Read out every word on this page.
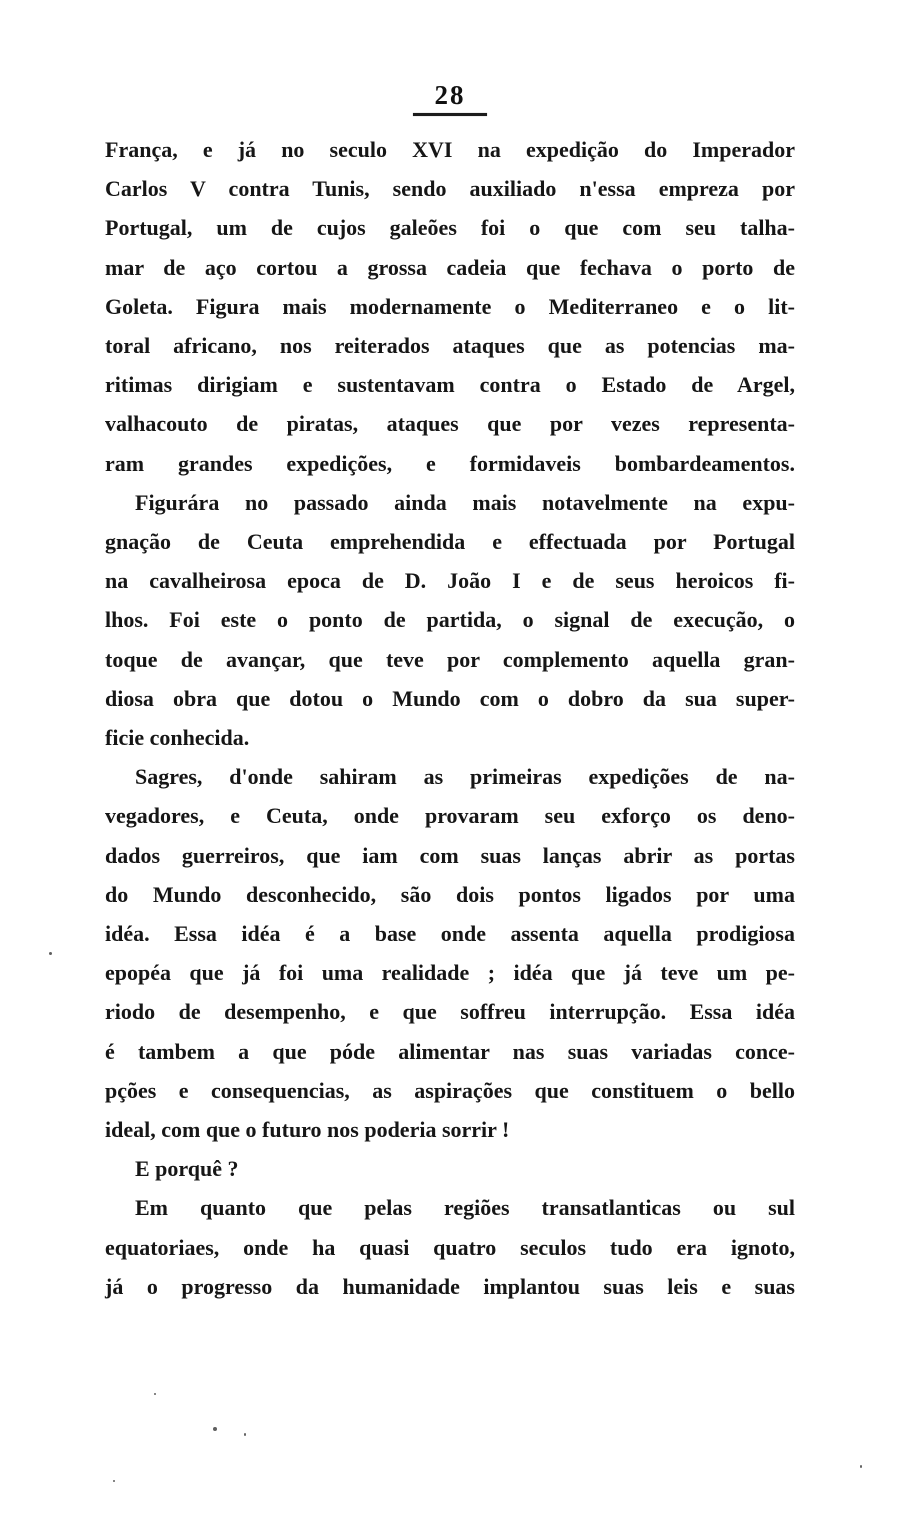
28
França, e já no seculo XVI na expedição do Imperador
Carlos V contra Tunis, sendo auxiliado n'essa empreza por
Portugal, um de cujos galeões foi o que com seu talha-
mar de aço cortou a grossa cadeia que fechava o porto de
Goleta. Figura mais modernamente o Mediterraneo e o lit-
toral africano, nos reiterados ataques que as potencias ma-
ritimas dirigiam e sustentavam contra o Estado de Argel,
valhacouto de piratas, ataques que por vezes representa-
ram grandes expedições, e formidaveis bombardeamentos.
Figurára no passado ainda mais notavelmente na expu-
gnação de Ceuta emprehendida e effectuada por Portugal
na cavalheirosa epoca de D. João I e de seus heroicos fi-
lhos. Foi este o ponto de partida, o signal de execução, o
toque de avançar, que teve por complemento aquella gran-
diosa obra que dotou o Mundo com o dobro da sua super-
ficie conhecida.
Sagres, d'onde sahiram as primeiras expedições de na-
vegadores, e Ceuta, onde provaram seu exforço os deno-
dados guerreiros, que iam com suas lanças abrir as portas
do Mundo desconhecido, são dois pontos ligados por uma
idéa. Essa idéa é a base onde assenta aquella prodigiosa
epopéa que já foi uma realidade ; idéa que já teve um pe-
riodo de desempenho, e que soffreu interrupção. Essa idéa
é tambem a que póde alimentar nas suas variadas conce-
pções e consequencias, as aspirações que constituem o bello
ideal, com que o futuro nos poderia sorrir !
E porquê ?
Em quanto que pelas regiões transatlanticas ou sul
equatoriaes, onde ha quasi quatro seculos tudo era ignoto,
já o progresso da humanidade implantou suas leis e suas
